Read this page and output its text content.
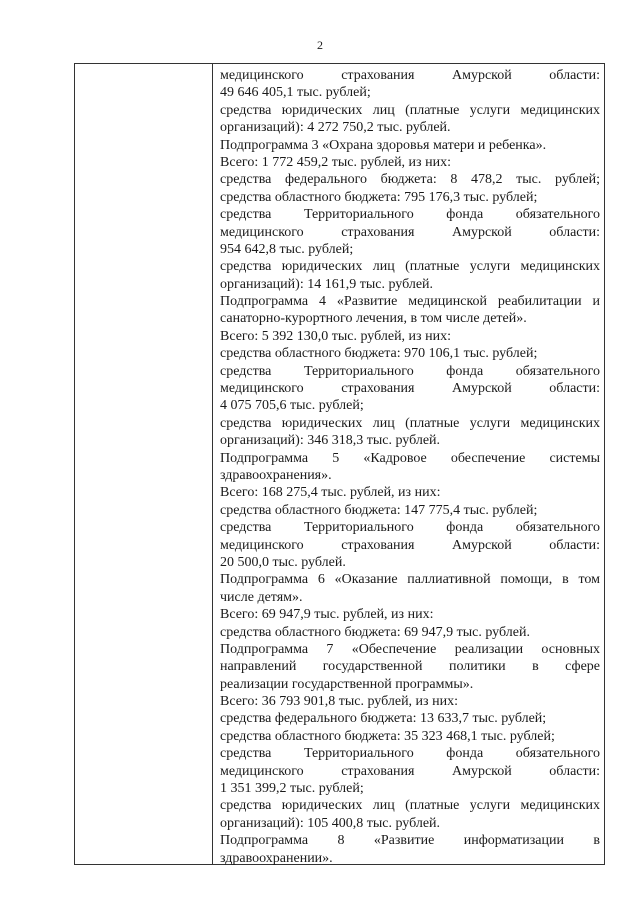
2
медицинского страхования Амурской области:
49 646 405,1 тыс. рублей;
средства юридических лиц (платные услуги медицинских
организаций): 4 272 750,2 тыс. рублей.
Подпрограмма 3 «Охрана здоровья матери и ребенка».
Всего: 1 772 459,2 тыс. рублей, из них:
средства федерального бюджета: 8 478,2 тыс. рублей;
средства областного бюджета: 795 176,3 тыс. рублей;
средства Территориального фонда обязательного
медицинского страхования Амурской области:
954 642,8 тыс. рублей;
средства юридических лиц (платные услуги медицинских
организаций): 14 161,9 тыс. рублей.
Подпрограмма 4 «Развитие медицинской реабилитации и
санаторно-курортного лечения, в том числе детей».
Всего: 5 392 130,0 тыс. рублей, из них:
средства областного бюджета: 970 106,1 тыс. рублей;
средства Территориального фонда обязательного
медицинского страхования Амурской области:
4 075 705,6 тыс. рублей;
средства юридических лиц (платные услуги медицинских
организаций): 346 318,3 тыс. рублей.
Подпрограмма 5 «Кадровое обеспечение системы
здравоохранения».
Всего: 168 275,4 тыс. рублей, из них:
средства областного бюджета: 147 775,4 тыс. рублей;
средства Территориального фонда обязательного
медицинского страхования Амурской области:
20 500,0 тыс. рублей.
Подпрограмма 6 «Оказание паллиативной помощи, в том
числе детям».
Всего: 69 947,9 тыс. рублей, из них:
средства областного бюджета: 69 947,9 тыс. рублей.
Подпрограмма 7 «Обеспечение реализации основных
направлений государственной политики в сфере
реализации государственной программы».
Всего: 36 793 901,8 тыс. рублей, из них:
средства федерального бюджета: 13 633,7 тыс. рублей;
средства областного бюджета: 35 323 468,1 тыс. рублей;
средства Территориального фонда обязательного
медицинского страхования Амурской области:
1 351 399,2 тыс. рублей;
средства юридических лиц (платные услуги медицинских
организаций): 105 400,8 тыс. рублей.
Подпрограмма 8 «Развитие информатизации в
здравоохранении».
